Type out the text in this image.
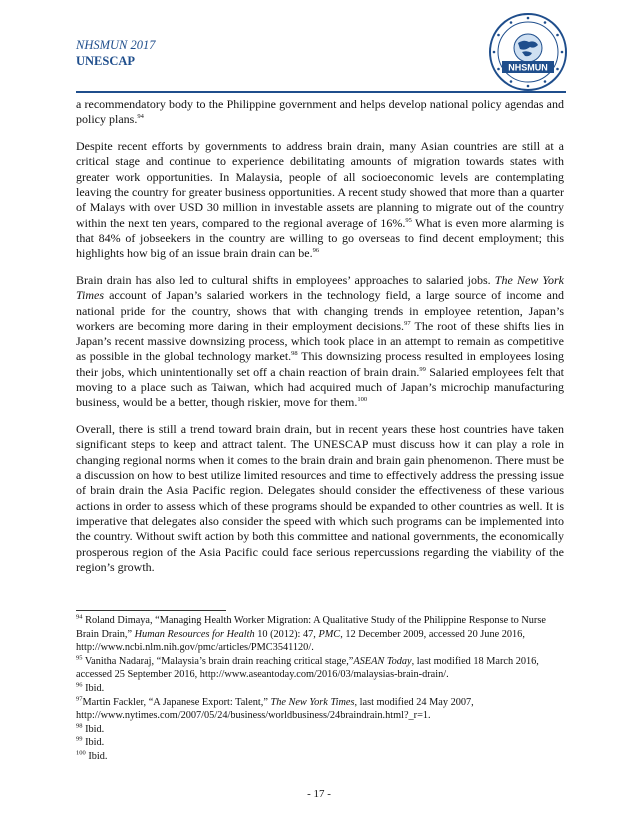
NHSMUN 2017
UNESCAP	NHSMUN

a recommendatory body to the Philippine government and helps develop national policy agendas and policy plans.$^{94}$

Despite recent efforts by governments to address brain drain, many Asian countries are still at a critical stage and continue to experience debilitating amounts of migration towards states with greater work opportunities. In Malaysia, people of all socioeconomic levels are contemplating leaving the country for greater business opportunities. A recent study showed that more than a quarter of Malays with over USD 30 million in investable assets are planning to migrate out of the country within the next ten years, compared to the regional average of 16%.$^{95}$ What is even more alarming is that 84% of jobseekers in the country are willing to go overseas to find decent employment; this highlights how big of an issue brain drain can be.$^{96}$

Brain drain has also led to cultural shifts in employees’ approaches to salaried jobs. The New York Times account of Japan’s salaried workers in the technology field, a large source of income and national pride for the country, shows that with changing trends in employee retention, Japan’s workers are becoming more daring in their employment decisions.$^{97}$ The root of these shifts lies in Japan’s recent massive downsizing process, which took place in an attempt to remain as competitive as possible in the global technology market.$^{98}$ This downsizing process resulted in employees losing their jobs, which unintentionally set off a chain reaction of brain drain.$^{99}$ Salaried employees felt that moving to a place such as Taiwan, which had acquired much of Japan’s microchip manufacturing business, would be a better, though riskier, move for them.$^{100}$

Overall, there is still a trend toward brain drain, but in recent years these host countries have taken significant steps to keep and attract talent. The UNESCAP must discuss how it can play a role in changing regional norms when it comes to the brain drain and brain gain phenomenon. There must be a discussion on how to best utilize limited resources and time to effectively address the pressing issue of brain drain the Asia Pacific region. Delegates should consider the effectiveness of these various actions in order to assess which of these programs should be expanded to other countries as well. It is imperative that delegates also consider the speed with which such programs can be implemented into the country. Without swift action by both this committee and national governments, the economically prosperous region of the Asia Pacific could face serious repercussions regarding the viability of the region’s growth.

$^{94}$ Roland Dimaya, “Managing Health Worker Migration: A Qualitative Study of the Philippine Response to Nurse Brain Drain,” Human Resources for Health 10 (2012): 47, PMC, 12 December 2009, accessed 20 June 2016, http://www.ncbi.nlm.nih.gov/pmc/articles/PMC3541120/.

$^{95}$ Vanitha Nadaraj, “Malaysia’s brain drain reaching critical stage,”ASEAN Today, last modified 18 March 2016, accessed 25 September 2016, http://www.aseantoday.com/2016/03/malaysias-brain-drain/.

$^{96}$ Ibid.

$^{97}$Martin Fackler, “A Japanese Export: Talent,” The New York Times, last modified 24 May 2007, http://www.nytimes.com/2007/05/24/business/worldbusiness/24braindrain.html?_r=1.

$^{98}$ Ibid.

$^{99}$ Ibid.

$^{100}$ Ibid.

- 17 -
